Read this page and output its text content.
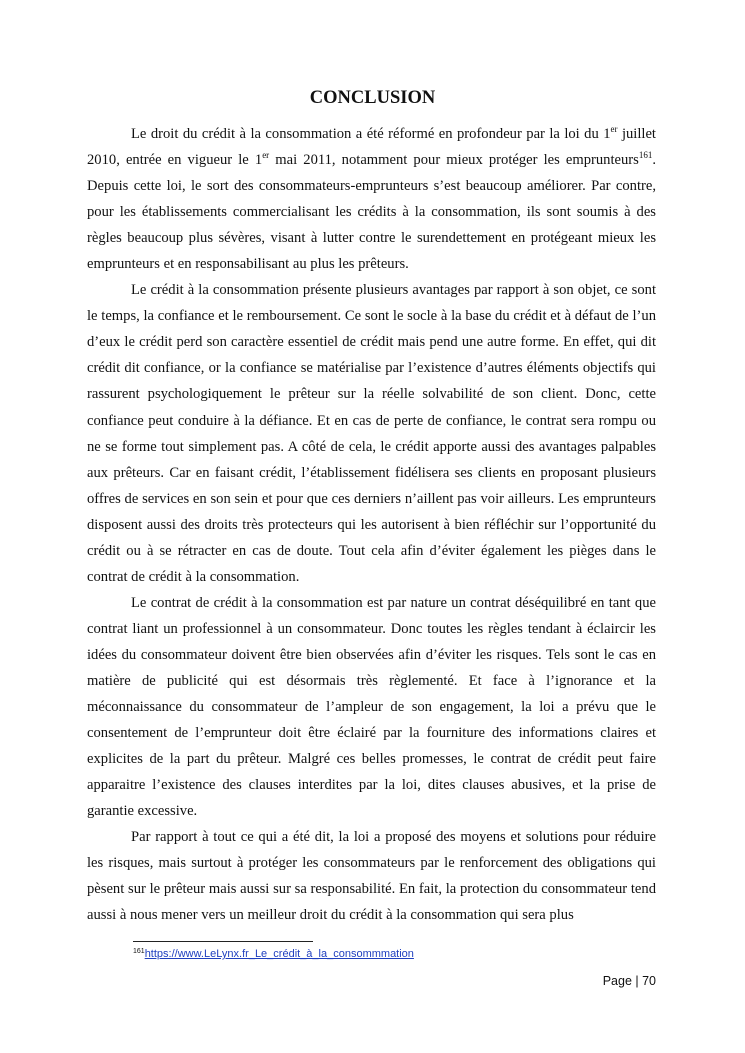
CONCLUSION

Le droit du crédit à la consommation a été réformé en profondeur par la loi du 1er juillet 2010, entrée en vigueur le 1er mai 2011, notamment pour mieux protéger les emprunteurs$^{161}$. Depuis cette loi, le sort des consommateurs-emprunteurs s’est beaucoup améliorer. Par contre, pour les établissements commercialisant les crédits à la consommation, ils sont soumis à des règles beaucoup plus sévères, visant à lutter contre le surendettement en protégeant mieux les emprunteurs et en responsabilisant au plus les prêteurs.

Le crédit à la consommation présente plusieurs avantages par rapport à son objet, ce sont le temps, la confiance et le remboursement. Ce sont le socle à la base du crédit et à défaut de l’un d’eux le crédit perd son caractère essentiel de crédit mais pend une autre forme. En effet, qui dit crédit dit confiance, or la confiance se matérialise par l’existence d’autres éléments objectifs qui rassurent psychologiquement le prêteur sur la réelle solvabilité de son client. Donc, cette confiance peut conduire à la défiance. Et en cas de perte de confiance, le contrat sera rompu ou ne se forme tout simplement pas. A côté de cela, le crédit apporte aussi des avantages palpables aux prêteurs. Car en faisant crédit, l’établissement fidélisera ses clients en proposant plusieurs offres de services en son sein et pour que ces derniers n’aillent pas voir ailleurs. Les emprunteurs disposent aussi des droits très protecteurs qui les autorisent à bien réfléchir sur l’opportunité du crédit ou à se rétracter en cas de doute. Tout cela afin d’éviter également les pièges dans le contrat de crédit à la consommation.

Le contrat de crédit à la consommation est par nature un contrat déséquilibré en tant que contrat liant un professionnel à un consommateur. Donc toutes les règles tendant à éclaircir les idées du consommateur doivent être bien observées afin d’éviter les risques. Tels sont le cas en matière de publicité qui est désormais très règlementé. Et face à l’ignorance et la méconnaissance du consommateur de l’ampleur de son engagement, la loi a prévu que le consentement de l’emprunteur doit être éclairé par la fourniture des informations claires et explicites de la part du prêteur. Malgré ces belles promesses, le contrat de crédit peut faire apparaitre l’existence des clauses interdites par la loi, dites clauses abusives, et la prise de garantie excessive.

Par rapport à tout ce qui a été dit, la loi a proposé des moyens et solutions pour réduire les risques, mais surtout à protéger les consommateurs par le renforcement des obligations qui pèsent sur le prêteur mais aussi sur sa responsabilité. En fait, la protection du consommateur tend aussi à nous mener vers un meilleur droit du crédit à la consommation qui sera plus

$^{161}$https://www.LeLynx.fr_Le_crédit_à_la_consommmation
Page | 70
